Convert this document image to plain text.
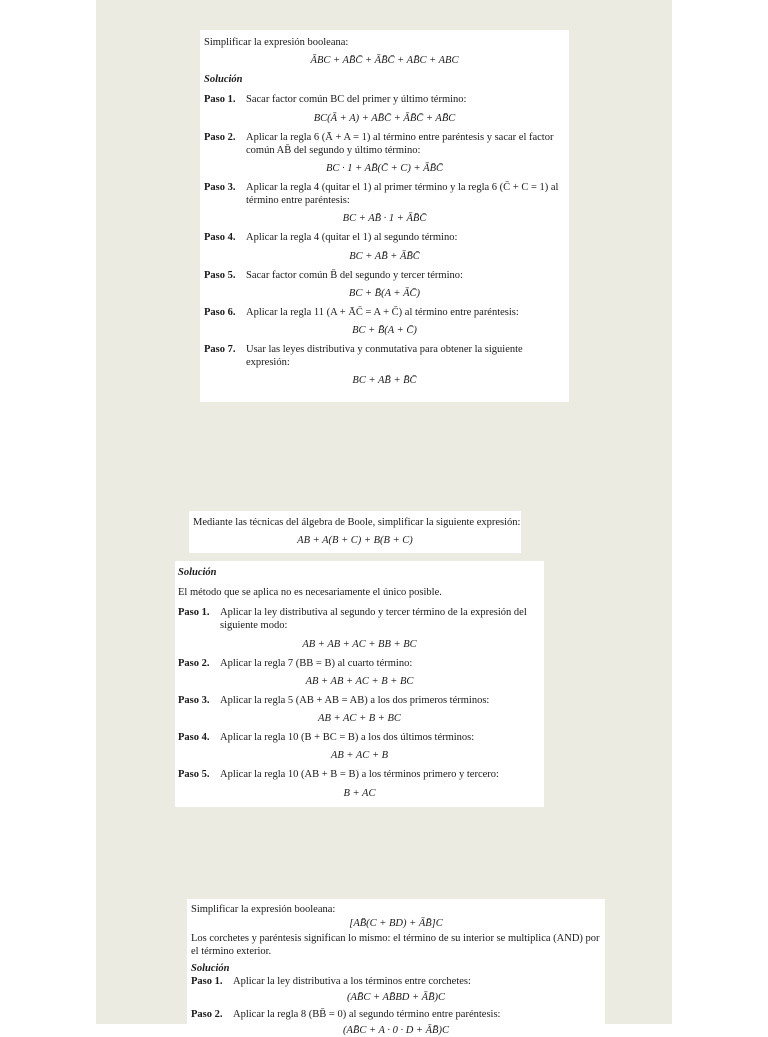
Simplificar la expresión booleana:

ĀBC + AB̄C̄ + ĀB̄C̄ + AB̄C + ABC

Solución

Paso 1.	Sacar factor común BC del primer y último término:

BC(Ā + A) + AB̄C̄ + ĀB̄C̄ + AB̄C

Paso 2.	Aplicar la regla 6 (Ā + A = 1) al término entre paréntesis y sacar el factor común AB̄ del segundo y último término:

BC · 1 + AB̄(C̄ + C) + ĀB̄C̄

Paso 3.	Aplicar la regla 4 (quitar el 1) al primer término y la regla 6 (C̄ + C = 1) al término entre paréntesis:

BC + AB̄ · 1 + ĀB̄C̄

Paso 4.	Aplicar la regla 4 (quitar el 1) al segundo término:

BC + AB̄ + ĀB̄C̄

Paso 5.	Sacar factor común B̄ del segundo y tercer término:

BC + B̄(A + ĀC̄)

Paso 6.	Aplicar la regla 11 (A + ĀC̄ = A + C̄) al término entre paréntesis:

BC + B̄(A + C̄)

Paso 7.	Usar las leyes distributiva y conmutativa para obtener la siguiente expresión:

BC + AB̄ + B̄C̄

Mediante las técnicas del álgebra de Boole, simplificar la siguiente expresión:

AB + A(B + C) + B(B + C)

Solución

El método que se aplica no es necesariamente el único posible.

Paso 1.	Aplicar la ley distributiva al segundo y tercer término de la expresión del siguiente modo:

AB + AB + AC + BB + BC

Paso 2.	Aplicar la regla 7 (BB = B) al cuarto término:

AB + AB + AC + B + BC

Paso 3.	Aplicar la regla 5 (AB + AB = AB) a los dos primeros términos:

AB + AC + B + BC

Paso 4.	Aplicar la regla 10 (B + BC = B) a los dos últimos términos:

AB + AC + B

Paso 5.	Aplicar la regla 10 (AB + B = B) a los términos primero y tercero:

B + AC

Simplificar la expresión booleana:

[AB̄(C + BD) + ĀB̄]C

Los corchetes y paréntesis significan lo mismo: el término de su interior se multiplica (AND) por el término exterior.

Solución

Paso 1.	Aplicar la ley distributiva a los términos entre corchetes:

(AB̄C + AB̄BD + ĀB̄)C

Paso 2.	Aplicar la regla 8 (BB̄ = 0) al segundo término entre paréntesis:

(AB̄C + A · 0 · D + ĀB̄)C
